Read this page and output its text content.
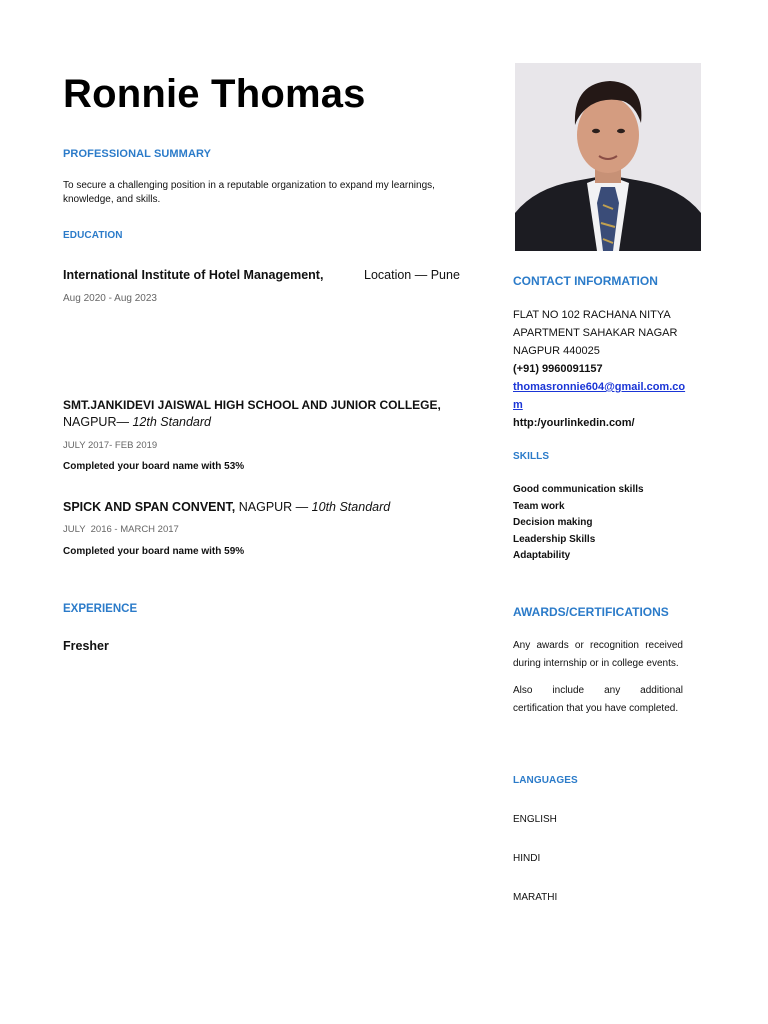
Ronnie Thomas
PROFESSIONAL SUMMARY
To secure a challenging position in a reputable organization to expand my learnings, knowledge, and skills.
EDUCATION
International Institute of Hotel Management,	Location — Pune
Aug 2020 - Aug 2023
SMT.JANKIDEVI JAISWAL HIGH SCHOOL AND JUNIOR COLLEGE,
NAGPUR— 12th Standard
JULY 2017- FEB 2019
Completed your board name with 53%
SPICK AND SPAN CONVENT, NAGPUR — 10th Standard
JULY  2016 - MARCH 2017
Completed your board name with 59%
EXPERIENCE
Fresher
CONTACT INFORMATION
FLAT NO 102 RACHANA NITYA
APARTMENT SAHAKAR NAGAR
NAGPUR 440025
(+91) 9960091157
thomasronnie604@gmail.com.com
http:/yourlinkedin.com/
SKILLS
Good communication skills
Team work
Decision making
Leadership Skills
Adaptability
AWARDS/CERTIFICATIONS
Any awards or recognition received during internship or in college events.
Also include any additional certification that you have completed.
LANGUAGES
ENGLISH
HINDI
MARATHI
